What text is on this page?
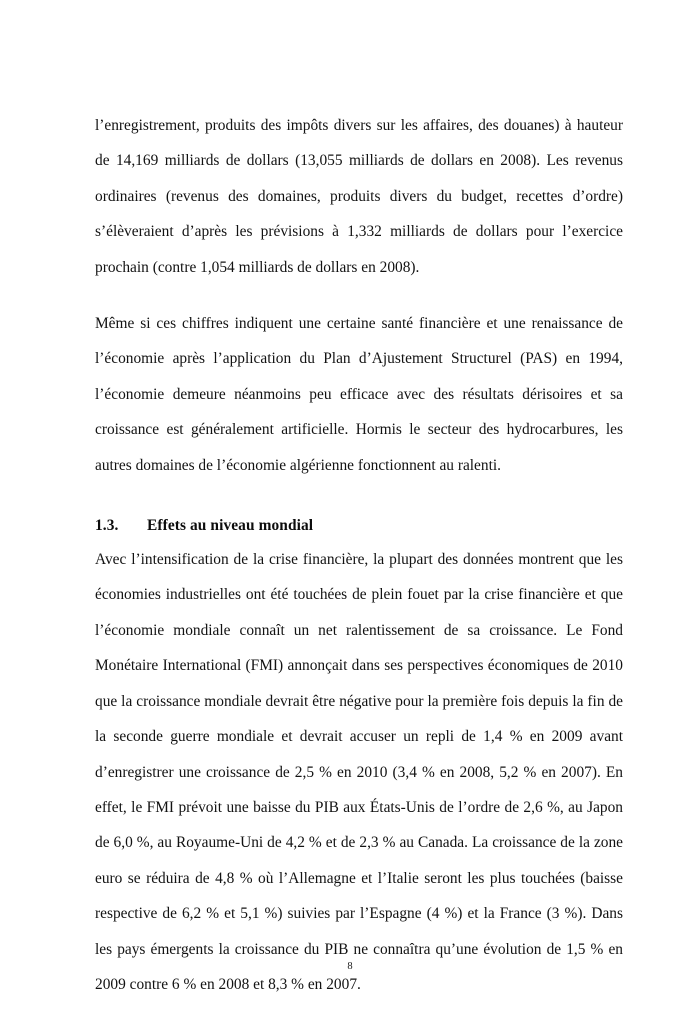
l’enregistrement, produits des impôts divers sur les affaires, des douanes) à hauteur de 14,169 milliards de dollars (13,055 milliards de dollars en 2008). Les revenus ordinaires (revenus des domaines, produits divers du budget, recettes d’ordre) s’élèveraient d’après les prévisions à 1,332 milliards de dollars pour l’exercice prochain (contre 1,054 milliards de dollars en 2008).

Même si ces chiffres indiquent une certaine santé financière et une renaissance de l’économie après l’application du Plan d’Ajustement Structurel (PAS) en 1994, l’économie demeure néanmoins peu efficace avec des résultats dérisoires et sa croissance est généralement artificielle. Hormis le secteur des hydrocarbures, les autres domaines de l’économie algérienne fonctionnent au ralenti.

1.3.	Effets au niveau mondial

Avec l’intensification de la crise financière, la plupart des données montrent que les économies industrielles ont été touchées de plein fouet par la crise financière et que l’économie mondiale connaît un net ralentissement de sa croissance. Le Fond Monétaire International (FMI) annonçait dans ses perspectives économiques de 2010 que la croissance mondiale devrait être négative pour la première fois depuis la fin de la seconde guerre mondiale et devrait accuser un repli de 1,4 % en 2009 avant d’enregistrer une croissance de 2,5 % en 2010 (3,4 % en 2008, 5,2 % en 2007). En effet, le FMI prévoit une baisse du PIB aux États-Unis de l’ordre de 2,6 %, au Japon de 6,0 %, au Royaume-Uni de 4,2 % et de 2,3 % au Canada. La croissance de la zone euro se réduira de 4,8 % où l’Allemagne et l’Italie seront les plus touchées (baisse respective de 6,2 % et 5,1 %) suivies par l’Espagne (4 %) et la France (3 %). Dans les pays émergents la croissance du PIB ne connaîtra qu’une évolution de 1,5 % en 2009 contre 6 % en 2008 et 8,3 % en 2007.

8
